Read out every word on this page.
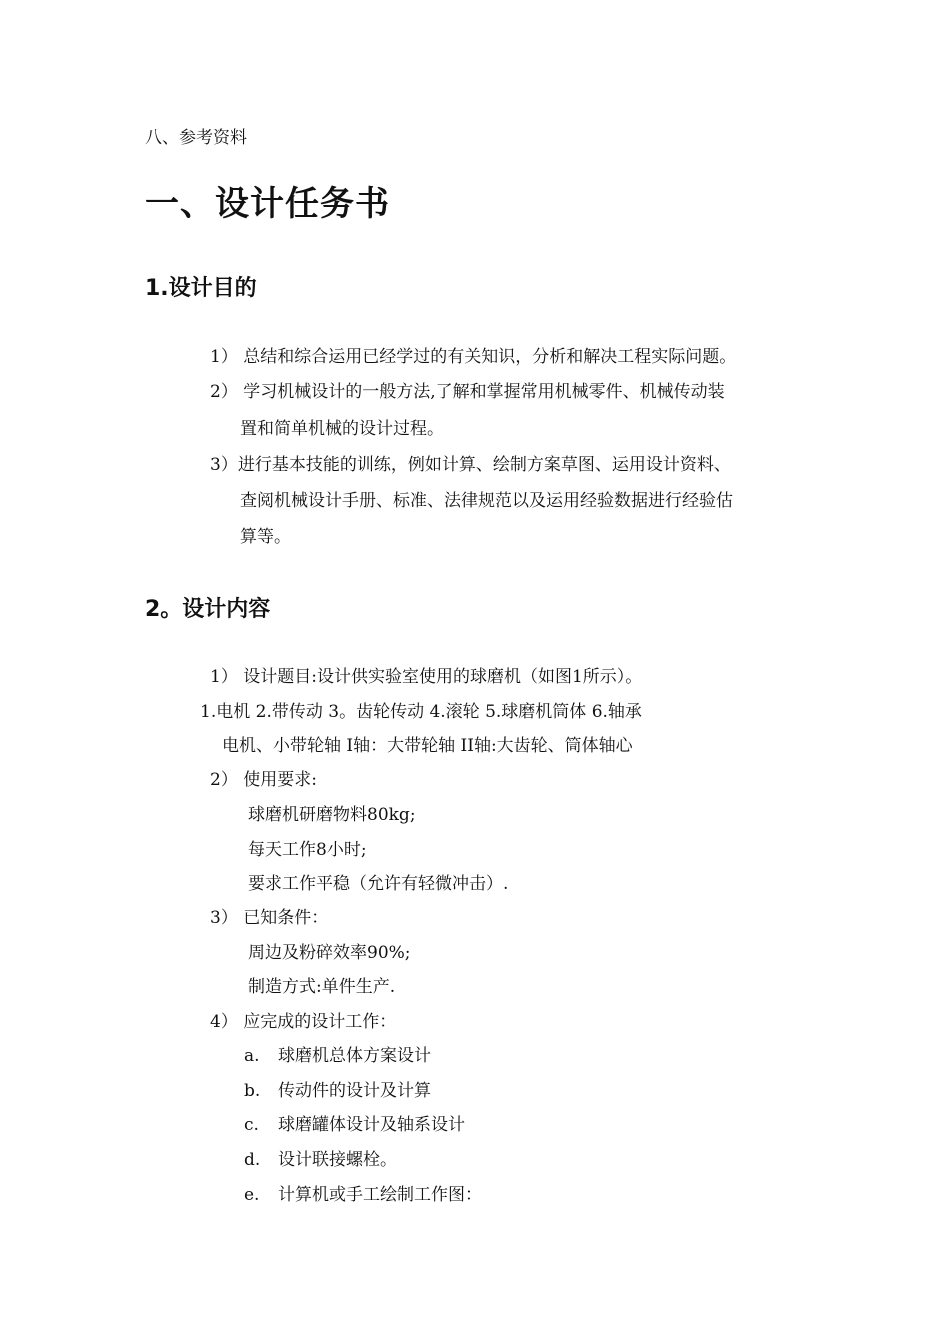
八、参考资料
一、设计任务书
1.设计目的
1） 总结和综合运用已经学过的有关知识，分析和解决工程实际问题。
2） 学习机械设计的一般方法,了解和掌握常用机械零件、机械传动装
置和简单机械的设计过程。
3）进行基本技能的训练，例如计算、绘制方案草图、运用设计资料、
查阅机械设计手册、标准、法律规范以及运用经验数据进行经验估
算等。
2。设计内容
1） 设计题目:设计供实验室使用的球磨机（如图1所示）。
1.电机 2.带传动 3。齿轮传动 4.滚轮 5.球磨机筒体 6.轴承
电机、小带轮轴 I轴：大带轮轴 II轴:大齿轮、筒体轴心
2） 使用要求:
球磨机研磨物料80kg;
每天工作8小时;
要求工作平稳（允许有轻微冲击）.
3） 已知条件：
周边及粉碎效率90%;
制造方式:单件生产.
4） 应完成的设计工作：
a. 球磨机总体方案设计
b. 传动件的设计及计算
c. 球磨罐体设计及轴系设计
d. 设计联接螺栓。
e. 计算机或手工绘制工作图：
